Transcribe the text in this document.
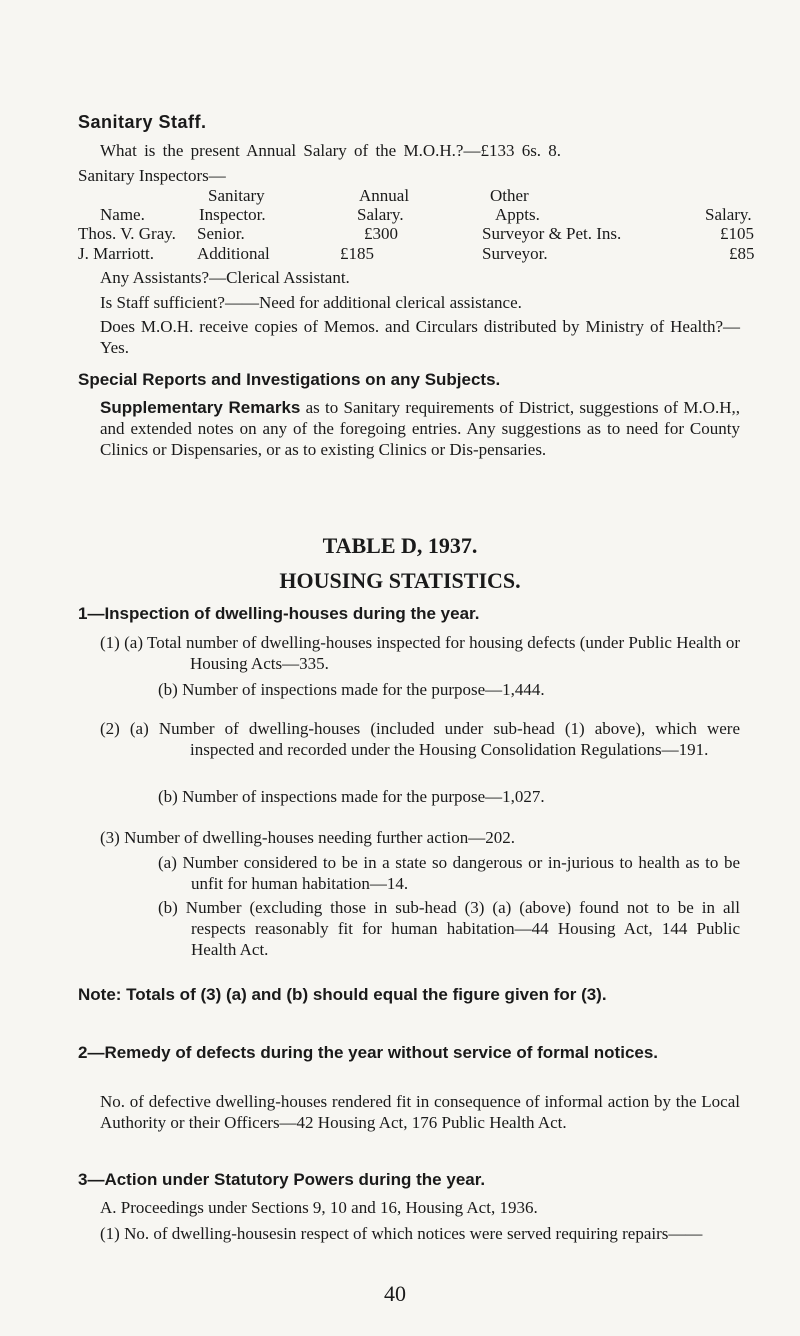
Sanitary Staff.
What is the present Annual Salary of the M.O.H.?—£133 6s. 8.
Sanitary Inspectors—
Sanitary	Annual	Other
Name.	Inspector.	Salary.	Appts.	Salary.
Thos. V. Gray. Senior.	£300	Surveyor & Pet. Ins.	£105
J. Marriott.	Additional	£185	Surveyor.	£85
Any Assistants?—Clerical Assistant.
Is Staff sufficient?——Need for additional clerical assistance.
Does M.O.H. receive copies of Memos. and Circulars distributed by Ministry of Health?—Yes.
Special Reports and Investigations on any Subjects.
Supplementary Remarks as to Sanitary requirements of District, suggestions of M.O.H,, and extended notes on any of the foregoing entries. Any suggestions as to need for County Clinics or Dispensaries, or as to existing Clinics or Dis-pensaries.
TABLE D, 1937.
HOUSING STATISTICS.
1—Inspection of dwelling-houses during the year.
(1) (a) Total number of dwelling-houses inspected for housing defects (under Public Health or Housing Acts—335.
(b) Number of inspections made for the purpose—1,444.
(2) (a) Number of dwelling-houses (included under sub-head (1) above), which were inspected and recorded under the Housing Consolidation Regulations—191.
(b) Number of inspections made for the purpose—1,027.
(3) Number of dwelling-houses needing further action—202.
(a) Number considered to be in a state so dangerous or in-jurious to health as to be unfit for human habitation—14.
(b) Number (excluding those in sub-head (3) (a) (above) found not to be in all respects reasonably fit for human habitation—44 Housing Act, 144 Public Health Act.
Note: Totals of (3) (a) and (b) should equal the figure given for (3).
2—Remedy of defects during the year without service of formal notices.
No. of defective dwelling-houses rendered fit in consequence of informal action by the Local Authority or their Officers—42 Housing Act, 176 Public Health Act.
3—Action under Statutory Powers during the year.
A. Proceedings under Sections 9, 10 and 16, Housing Act, 1936.
(1) No. of dwelling-housesin respect of which notices were served requiring repairs——
40
